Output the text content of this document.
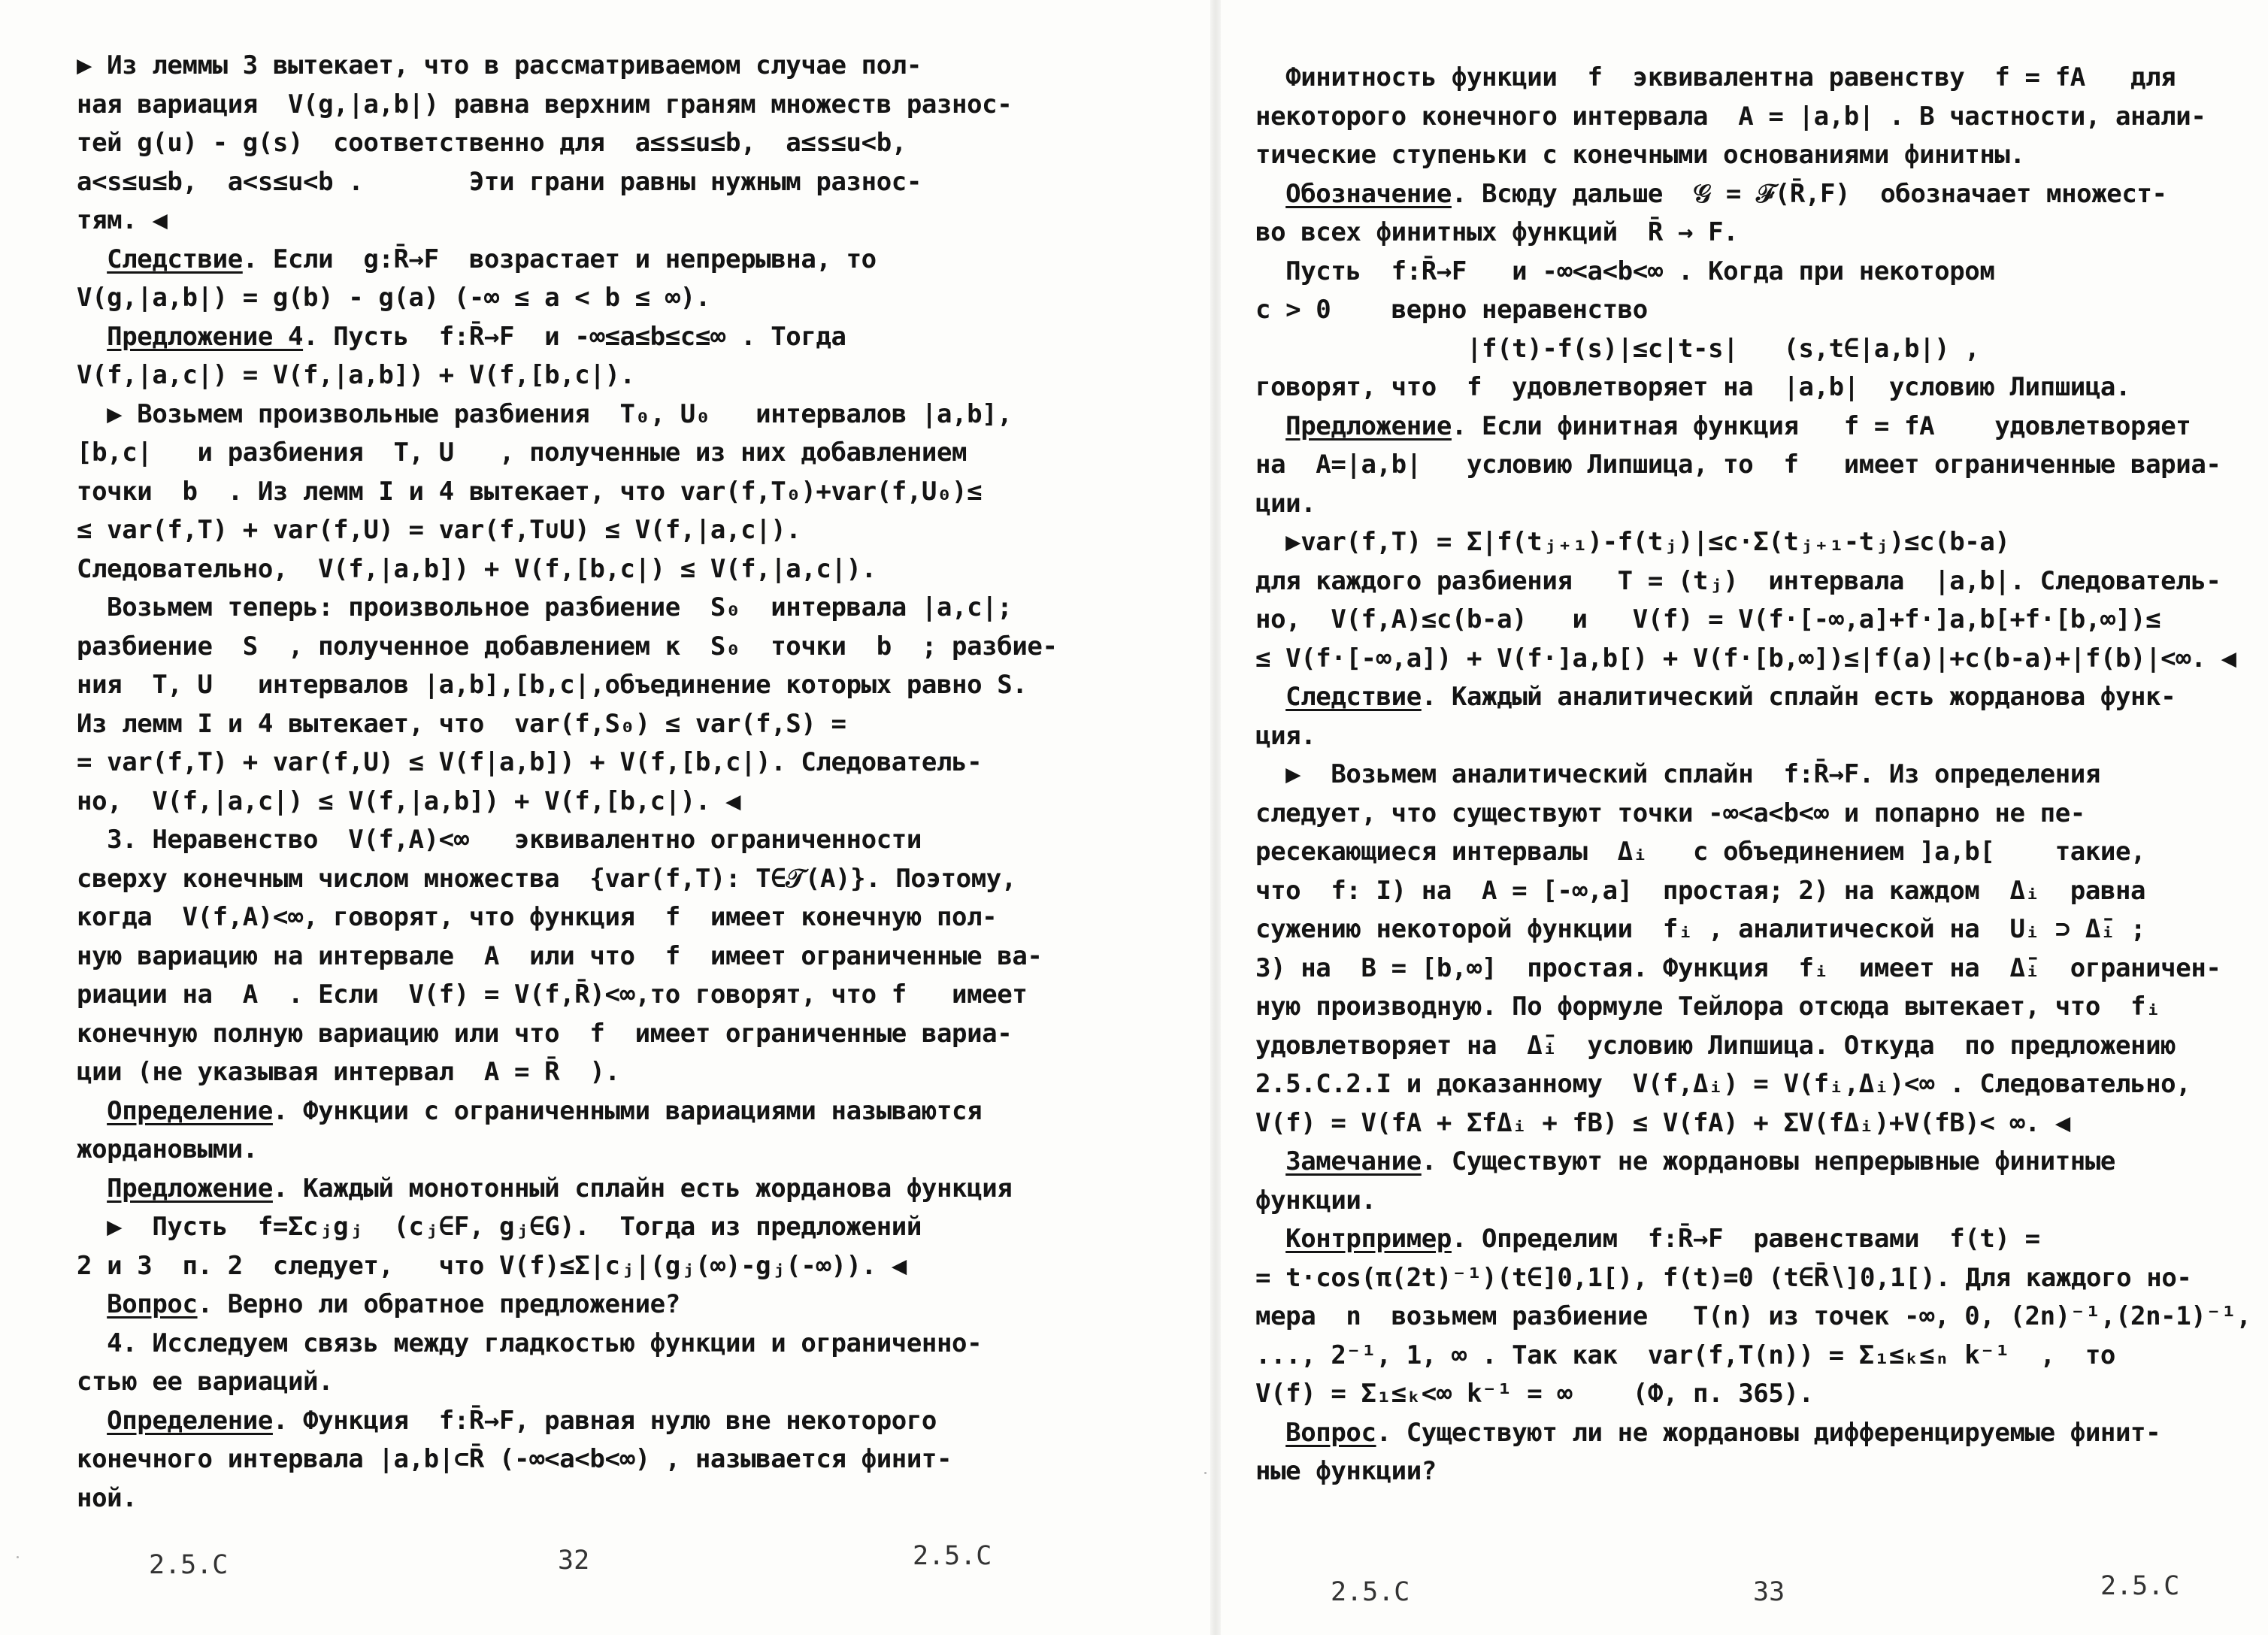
▶ Из леммы 3 вытекает, что в рассматриваемом случае пол-
ная вариация  V(g,|a,b|) равна верхним граням множеств разнос-
тей g(u) - g(s)  соответственно для  a≤s≤u≤b,  a≤s≤u<b,
a<s≤u≤b,  a<s≤u<b .       Эти грани равны нужным разнос-
тям. ◀
Следствие. Если  g:R̄→F  возрастает и непрерывна, то
V(g,|a,b|) = g(b) - g(a) (-∞ ≤ a < b ≤ ∞).
Предложение 4. Пусть  f:R̄→F  и -∞≤a≤b≤c≤∞ . Тогда
V(f,|a,c|) = V(f,|a,b]) + V(f,[b,c|).
▶ Возьмем произвольные разбиения  T₀, U₀   интервалов |a,b],
[b,c|   и разбиения  T, U   , полученные из них добавлением
точки  b  . Из лемм I и 4 вытекает, что var(f,T₀)+var(f,U₀)≤
≤ var(f,T) + var(f,U) = var(f,T∪U) ≤ V(f,|a,c|).
Следовательно,  V(f,|a,b]) + V(f,[b,c|) ≤ V(f,|a,c|).
Возьмем теперь: произвольное разбиение  S₀  интервала |a,c|;
разбиение  S  , полученное добавлением к  S₀  точки  b  ; разбие-
ния  T, U   интервалов |a,b],[b,c|,объединение которых равно S.
Из лемм I и 4 вытекает, что  var(f,S₀) ≤ var(f,S) =
= var(f,T) + var(f,U) ≤ V(f|a,b]) + V(f,[b,c|). Следователь-
но,  V(f,|a,c|) ≤ V(f,|a,b]) + V(f,[b,c|). ◀
3. Неравенство  V(f,A)<∞   эквивалентно ограниченности
сверху конечным числом множества  {var(f,T): T∈𝒯(A)}. Поэтому,
когда  V(f,A)<∞, говорят, что функция  f  имеет конечную пол-
ную вариацию на интервале  A  или что  f  имеет ограниченные ва-
риации на  A  . Если  V(f) = V(f,R̄)<∞,то говорят, что f   имеет
конечную полную вариацию или что  f  имеет ограниченные вариа-
ции (не указывая интервал  A = R̄  ).
Определение. Функции с ограниченными вариациями называются
жордановыми.
Предложение. Каждый монотонный сплайн есть жорданова функция
▶  Пусть  f=Σcⱼgⱼ  (cⱼ∈F, gⱼ∈G).  Тогда из предложений
2 и 3  п. 2  следует,   что V(f)≤Σ|cⱼ|(gⱼ(∞)-gⱼ(-∞)). ◀
Вопрос. Верно ли обратное предложение?
4. Исследуем связь между гладкостью функции и ограниченно-
стью ее вариаций.
Определение. Функция  f:R̄→F, равная нулю вне некоторого
конечного интервала |a,b|⊂R̄ (-∞<a<b<∞) , называется финит-
ной.
2.5.C	32	2.5.C
Финитность функции  f  эквивалентна равенству  f = fA   для
некоторого конечного интервала  A = |a,b| . В частности, анали-
тические ступеньки с конечными основаниями финитны.
Обозначение. Всюду дальше  𝒢 = ℱ(R̄,F)  обозначает множест-
во всех финитных функций  R̄ → F.
Пусть  f:R̄→F   и -∞<a<b<∞ . Когда при некотором
c > 0    верно неравенство
|f(t)-f(s)|≤c|t-s|   (s,t∈|a,b|) ,
говорят, что  f  удовлетворяет на  |a,b|  условию Липшица.
Предложение. Если финитная функция   f = fA    удовлетворяет
на  A=|a,b|   условию Липшица, то  f   имеет ограниченные вариа-
ции.
▶var(f,T) = Σ|f(tⱼ₊₁)-f(tⱼ)|≤c·Σ(tⱼ₊₁-tⱼ)≤c(b-a)
для каждого разбиения   T = (tⱼ)  интервала  |a,b|. Следователь-
но,  V(f,A)≤c(b-a)   и   V(f) = V(f·[-∞,a]+f·]a,b[+f·[b,∞])≤
≤ V(f·[-∞,a]) + V(f·]a,b[) + V(f·[b,∞])≤|f(a)|+c(b-a)+|f(b)|<∞. ◀
Следствие. Каждый аналитический сплайн есть жорданова функ-
ция.
▶  Возьмем аналитический сплайн  f:R̄→F. Из определения
следует, что существуют точки -∞<a<b<∞ и попарно не пе-
ресекающиеся интервалы  Δᵢ   с объединением ]a,b[    такие,
что  f: I) на  A = [-∞,a]  простая; 2) на каждом  Δᵢ  равна
сужению некоторой функции  fᵢ , аналитической на  Uᵢ ⊃ Δ̄ᵢ ;
3) на  B = [b,∞]  простая. Функция  fᵢ  имеет на  Δ̄ᵢ  ограничен-
ную производную. По формуле Тейлора отсюда вытекает, что  fᵢ
удовлетворяет на  Δ̄ᵢ  условию Липшица. Откуда  по предложению
2.5.C.2.I и доказанному  V(f,Δᵢ) = V(fᵢ,Δᵢ)<∞ . Следовательно,
V(f) = V(fA + ΣfΔᵢ + fB) ≤ V(fA) + ΣV(fΔᵢ)+V(fB)< ∞. ◀
Замечание. Существуют не жордановы непрерывные финитные
функции.
Контрпример. Определим  f:R̄→F  равенствами  f(t) =
= t·cos(π(2t)⁻¹)(t∈]0,1[), f(t)=0 (t∈R̄∖]0,1[). Для каждого но-
мера  n  возьмем разбиение   T(n) из точек -∞, 0, (2n)⁻¹,(2n-1)⁻¹,
..., 2⁻¹, 1, ∞ . Так как  var(f,T(n)) = Σ₁≤ₖ≤ₙ k⁻¹  ,  то
V(f) = Σ₁≤ₖ<∞ k⁻¹ = ∞    (Ф, п. 365).
Вопрос. Существуют ли не жордановы дифференцируемые финит-
ные функции?
2.5.C	33	2.5.C
